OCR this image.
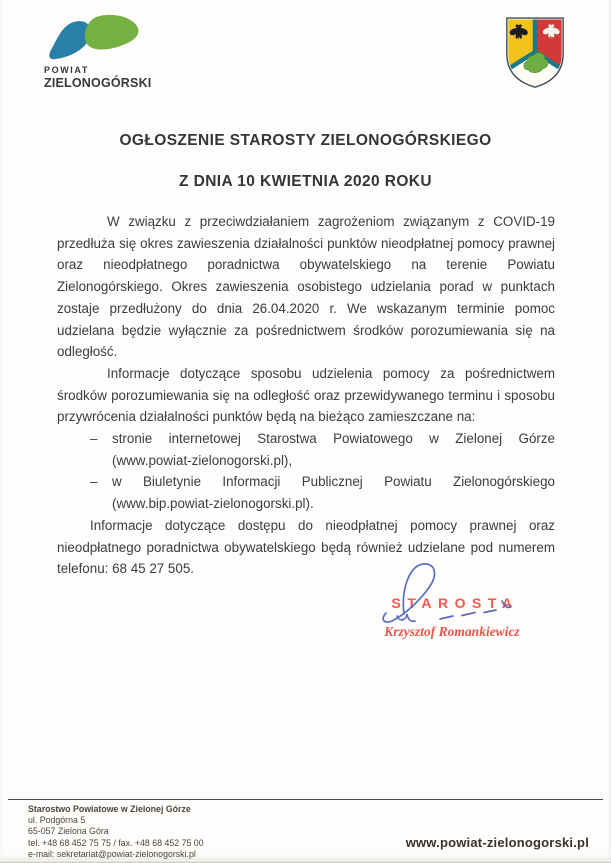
POWIAT
ZIELONOGÓRSKI
OGŁOSZENIE STAROSTY ZIELONOGÓRSKIEGO
Z DNIA 10 KWIETNIA 2020 ROKU

W związku z przeciwdziałaniem zagrożeniom związanym z COVID-19 przedłuża się okres zawieszenia działalności punktów nieodpłatnej pomocy prawnej oraz nieodpłatnego poradnictwa obywatelskiego na terenie Powiatu Zielonogórskiego. Okres zawieszenia osobistego udzielania porad w punktach zostaje przedłużony do dnia 26.04.2020 r. We wskazanym terminie pomoc udzielana będzie wyłącznie za pośrednictwem środków porozumiewania się na odległość.

Informacje dotyczące sposobu udzielenia pomocy za pośrednictwem środków porozumiewania się na odległość oraz przewidywanego terminu i sposobu przywrócenia działalności punktów będą na bieżąco zamieszczane na:

– stronie internetowej Starostwa Powiatowego w Zielonej Górze (www.powiat-zielonogorski.pl),
– w Biuletynie Informacji Publicznej Powiatu Zielonogórskiego (www.bip.powiat-zielonogorski.pl).

Informacje dotyczące dostępu do nieodpłatnej pomocy prawnej oraz nieodpłatnego poradnictwa obywatelskiego będą również udzielane pod numerem telefonu: 68 45 27 505.

STAROSTA
Krzysztof Romankiewicz
Starostwo Powiatowe w Zielonej Górze
ul. Podgórna 5
65-057 Zielona Góra
tel. +48 68 452 75 75 / fax. +48 68 452 75 00
e-mail: sekretariat@powiat-zielonogorski.pl
www.powiat-zielonogorski.pl
